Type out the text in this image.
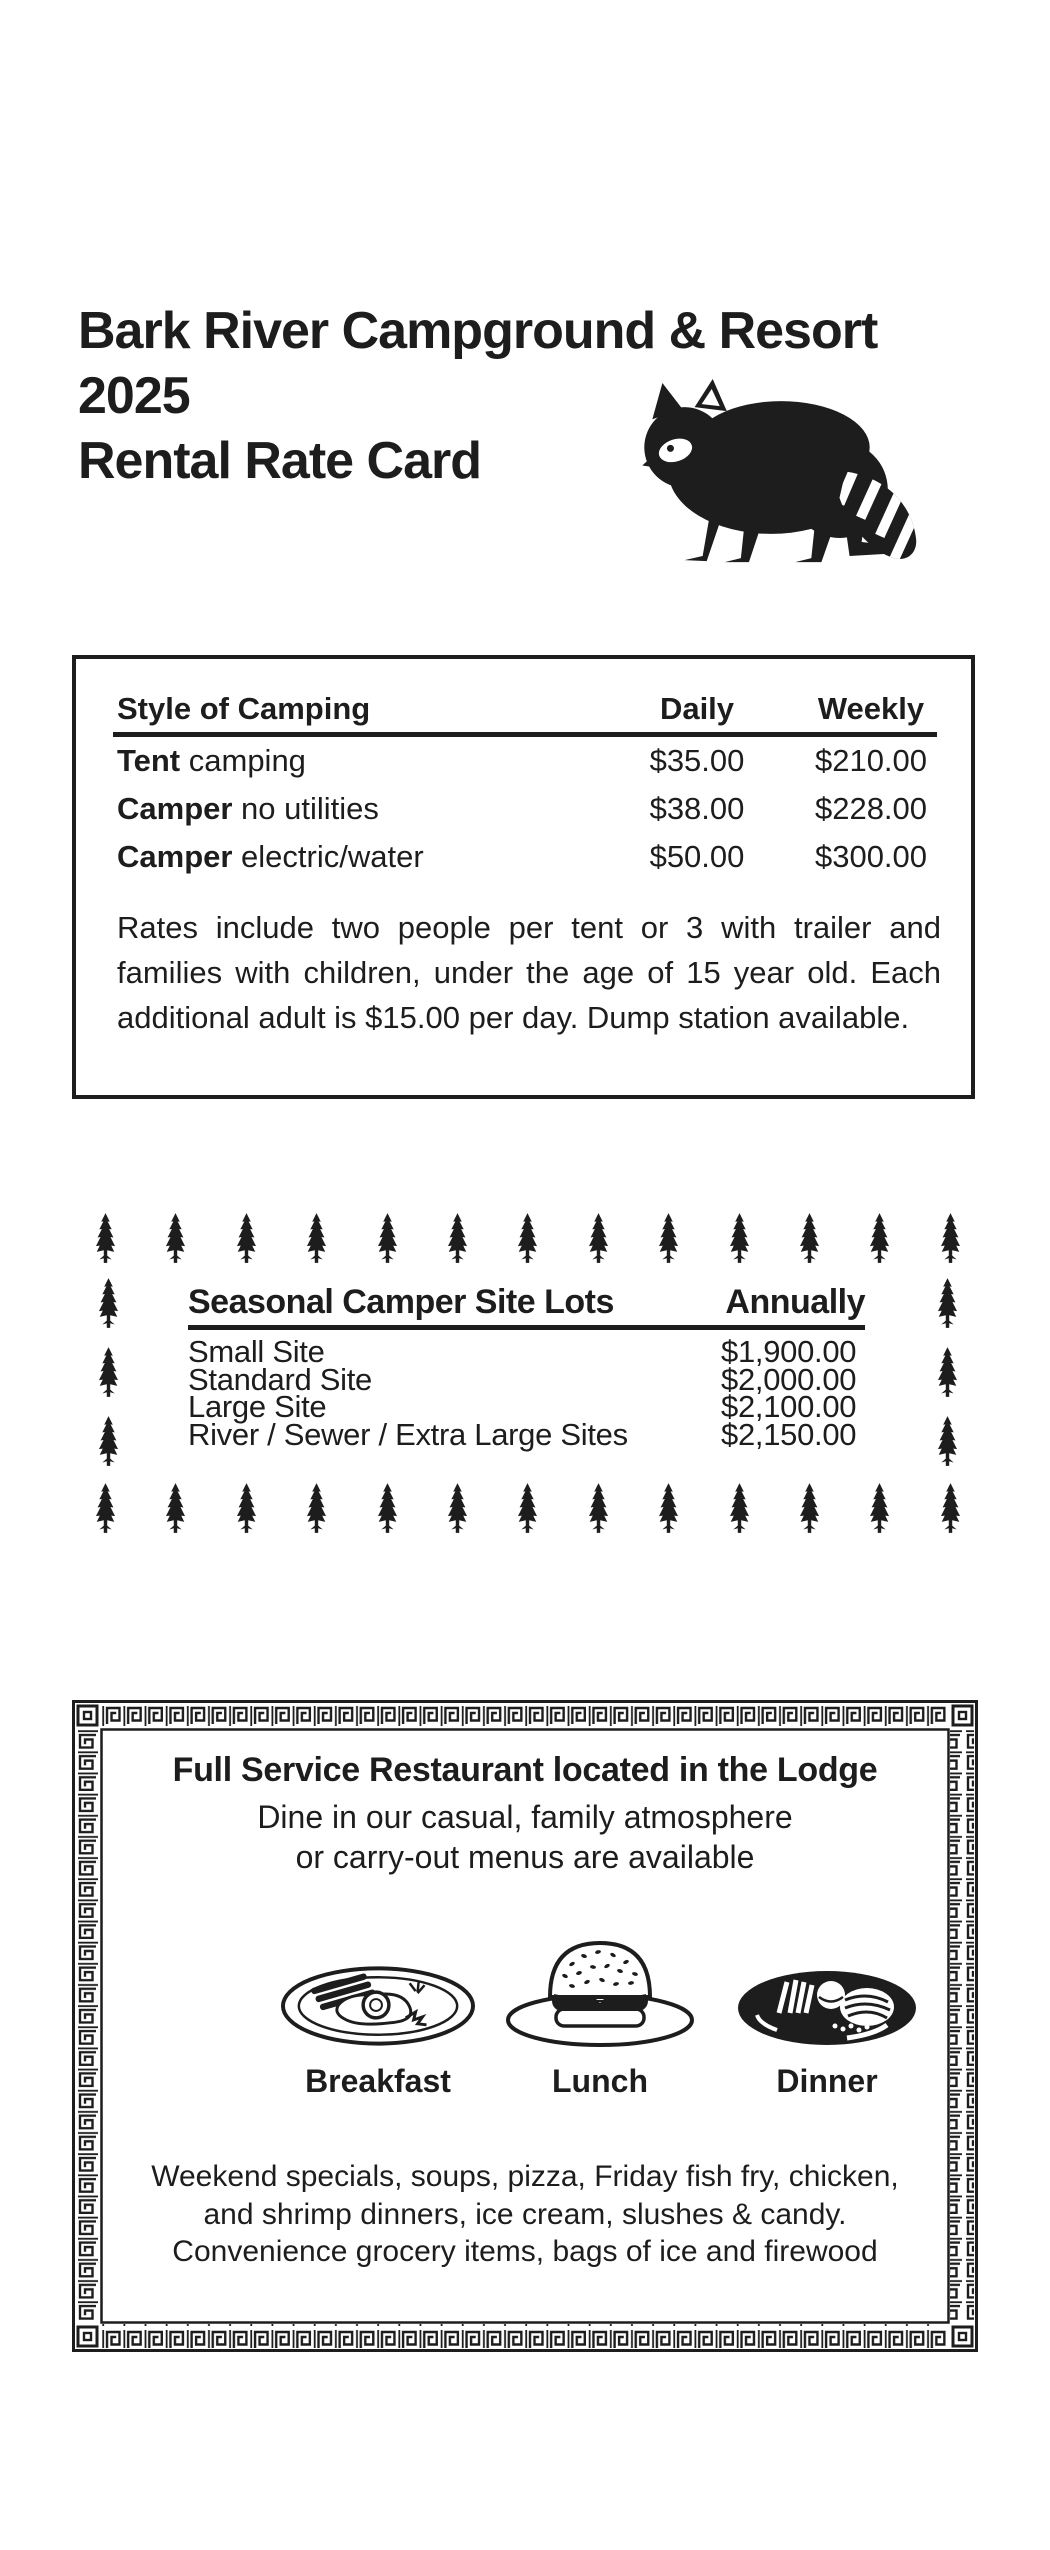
Bark River Campground & Resort
2025
Rental Rate Card
Style of Camping	Daily	Weekly
Tent camping	$35.00 $210.00
Camper no utilities	$38.00 $228.00
Camper electric/water	$50.00 $300.00

Rates include two people per tent or 3 with trailer and families with children, under the age of 15 year old. Each additional adult is $15.00 per day. Dump station available.

Seasonal Camper Site Lots	Annually
Small Site	$1,900.00
Standard Site	$2,000.00
Large Site	$2,100.00
River / Sewer / Extra Large Sites	$2,150.00
Full Service Restaurant located in the Lodge
Dine in our casual, family atmosphere
or carry-out menus are available
Breakfast	Lunch	Dinner
Weekend specials, soups, pizza, Friday fish fry, chicken,
and shrimp dinners, ice cream, slushes & candy.
Convenience grocery items, bags of ice and firewood
